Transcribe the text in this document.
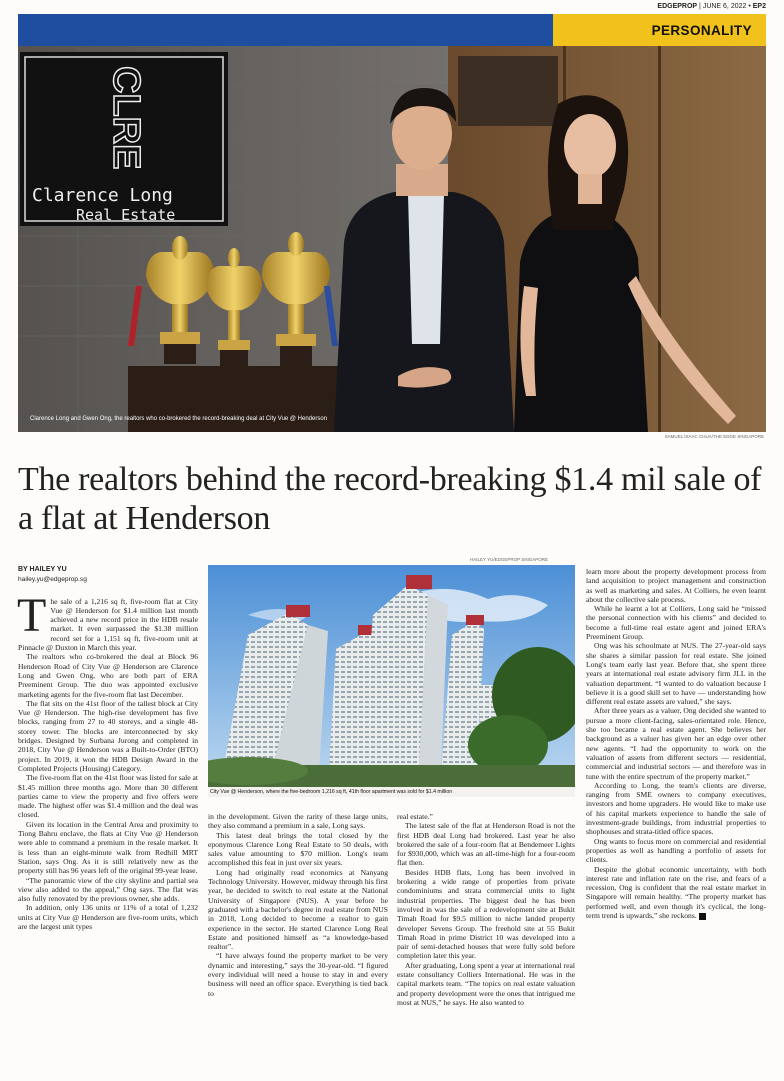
EDGEPROP | JUNE 6, 2022 • EP2
PERSONALITY
CLRE
Clarence Long
Real Estate
Clarence Long and Gwen Ong, the realtors who co-brokered the record-breaking deal at City Vue @ Henderson
SAMUEL ISAAC CHUA/THE EDGE SINGAPORE
The realtors behind the record-breaking $1.4 mil sale of a flat at Henderson
HAILEY YU/EDGEPROP SINGAPORE
BY HAILEY YU
hailey.yu@edgeprop.sg

The sale of a 1,216 sq ft, five-room flat at City Vue @ Henderson for $1.4 million last month achieved a new record price in the HDB resale market. It even surpassed the $1.38 million record set for a 1,151 sq ft, five-room unit at Pinnacle @ Duxton in March this year.

The realtors who co-brokered the deal at Block 96 Henderson Road of City Vue @ Henderson are Clarence Long and Gwen Ong, who are both part of ERA Preeminent Group. The duo was appointed exclusive marketing agents for the five-room flat last December.

The flat sits on the 41st floor of the tallest block at City Vue @ Henderson. The high-rise development has five blocks, ranging from 27 to 40 storeys, and a single 48-storey tower. The blocks are interconnected by sky bridges. Designed by Surbana Jurong and completed in 2018, City Vue @ Henderson was a Built-to-Order (BTO) project. In 2019, it won the HDB Design Award in the Completed Projects (Housing) Category.

The five-room flat on the 41st floor was listed for sale at $1.45 million three months ago. More than 30 different parties came to view the property and five offers were made. The highest offer was $1.4 million and the deal was closed.

Given its location in the Central Area and proximity to Tiong Bahru enclave, the flats at City Vue @ Henderson were able to command a premium in the resale market. It is less than an eight-minute walk from Redhill MRT Station, says Ong. As it is still relatively new as the property still has 96 years left of the original 99-year lease.

“The panoramic view of the city skyline and partial sea view also added to the appeal,” Ong says. The flat was also fully renovated by the previous owner, she adds.

In addition, only 136 units or 11% of a total of 1,232 units at City Vue @ Henderson are five-room units, which are the largest unit types

City Vue @ Henderson, where the five-bedroom 1,216 sq ft, 41th floor apartment was sold for $1.4 million

in the development. Given the rarity of these large units, they also command a premium in a sale, Long says.

This latest deal brings the total closed by the eponymous Clarence Long Real Estate to 50 deals, with sales value amounting to $70 million. Long's team accomplished this feat in just over six years.

Long had originally read economics at Nanyang Technology University. However, midway through his first year, he decided to switch to real estate at the National University of Singapore (NUS). A year before he graduated with a bachelor's degree in real estate from NUS in 2018, Long decided to become a realtor to gain experience in the sector. He started Clarence Long Real Estate and positioned himself as “a knowledge-based realtor”.

“I have always found the property market to be very dynamic and interesting,” says the 30-year-old. “I figured every individual will need a house to stay in and every business will need an office space. Everything is tied back to

real estate.”

The latest sale of the flat at Henderson Road is not the first HDB deal Long had brokered. Last year he also brokered the sale of a four-room flat at Bendemeer Lights for $930,000, which was an all-time-high for a four-room flat then.

Besides HDB flats, Long has been involved in brokering a wide range of properties from private condominiums and strata commercial units to light industrial properties. The biggest deal he has been involved in was the sale of a redevelopment site at Bukit Timah Road for $9.5 million to niche landed property developer Sevens Group. The freehold site at 55 Bukit Timah Road in prime District 10 was developed into a pair of semi-detached houses that were fully sold before completion later this year.

After graduating, Long spent a year at international real estate consultancy Colliers International. He was in the capital markets team. “The topics on real estate valuation and property development were the ones that intrigued me most at NUS,” he says. He also wanted to

learn more about the property development process from land acquisition to project management and construction as well as marketing and sales. At Colliers, he even learnt about the collective sale process.

While he learnt a lot at Colliers, Long said he “missed the personal connection with his clients” and decided to become a full-time real estate agent and joined ERA's Preeminent Group.

Ong was his schoolmate at NUS. The 27-year-old says she shares a similar passion for real estate. She joined Long's team early last year. Before that, she spent three years at international real estate advisory firm JLL in the valuation department. “I wanted to do valuation because I believe it is a good skill set to have — understanding how different real estate assets are valued,” she says.

After three years as a valuer, Ong decided she wanted to pursue a more client-facing, sales-orientated role. Hence, she too became a real estate agent. She believes her background as a valuer has given her an edge over other new agents. “I had the opportunity to work on the valuation of assets from different sectors — residential, commercial and industrial sectors — and therefore was in tune with the entire spectrum of the property market.”

According to Long, the team's clients are diverse, ranging from SME owners to company executives, investors and home upgraders. He would like to make use of his capital markets experience to handle the sale of investment-grade buildings, from industrial properties to shophouses and strata-titled office spaces.

Ong wants to focus more on commercial and residential properties as well as handling a portfolio of assets for clients.

Despite the global economic uncertainty, with both interest rate and inflation rate on the rise, and fears of a recession, Ong is confident that the real estate market in Singapore will remain healthy. “The property market has performed well, and even though it's cyclical, the long-term trend is upwards,” she reckons. E
